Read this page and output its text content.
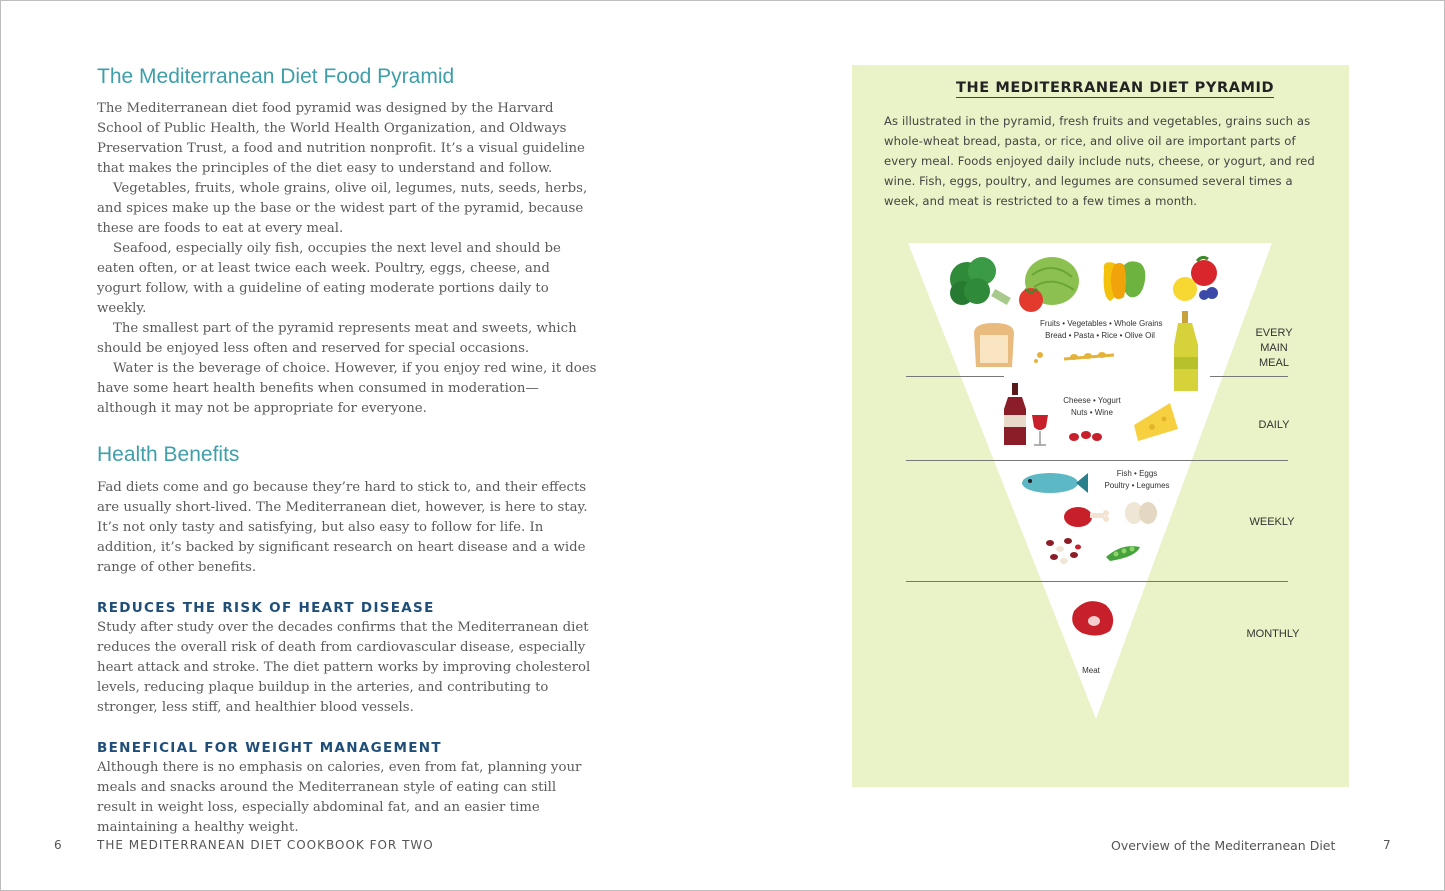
The Mediterranean Diet Food Pyramid

The Mediterranean diet food pyramid was designed by the Harvard School of Public Health, the World Health Organization, and Oldways Preservation Trust, a food and nutrition nonprofit. It’s a visual guideline that makes the principles of the diet easy to understand and follow.

Vegetables, fruits, whole grains, olive oil, legumes, nuts, seeds, herbs, and spices make up the base or the widest part of the pyramid, because these are foods to eat at every meal.

Seafood, especially oily fish, occupies the next level and should be eaten often, or at least twice each week. Poultry, eggs, cheese, and yogurt follow, with a guideline of eating moderate portions daily to weekly.

The smallest part of the pyramid represents meat and sweets, which should be enjoyed less often and reserved for special occasions.

Water is the beverage of choice. However, if you enjoy red wine, it does have some heart health benefits when consumed in moderation—although it may not be appropriate for everyone.

Health Benefits

Fad diets come and go because they’re hard to stick to, and their effects are usually short-lived. The Mediterranean diet, however, is here to stay. It’s not only tasty and satisfying, but also easy to follow for life. In addition, it’s backed by significant research on heart disease and a wide range of other benefits.

REDUCES THE RISK OF HEART DISEASE

Study after study over the decades confirms that the Mediterranean diet reduces the overall risk of death from cardiovascular disease, especially heart attack and stroke. The diet pattern works by improving cholesterol levels, reducing plaque buildup in the arteries, and contributing to stronger, less stiff, and healthier blood vessels.

BENEFICIAL FOR WEIGHT MANAGEMENT

Although there is no emphasis on calories, even from fat, planning your meals and snacks around the Mediterranean style of eating can still result in weight loss, especially abdominal fat, and an easier time maintaining a healthy weight.

6	THE MEDITERRANEAN DIET COOKBOOK FOR TWO
THE MEDITERRANEAN DIET PYRAMID

As illustrated in the pyramid, fresh fruits and vegetables, grains such as whole-wheat bread, pasta, or rice, and olive oil are important parts of every meal. Foods enjoyed daily include nuts, cheese, or yogurt, and red wine. Fish, eggs, poultry, and legumes are consumed several times a week, and meat is restricted to a few times a month.

Fruits • Vegetables • Whole Grains
Bread • Pasta • Rice • Olive Oil
Cheese • Yogurt
Nuts • Wine
Fish • Eggs
Poultry • Legumes
Meat
EVERY
MAIN
MEAL
DAILY
WEEKLY
MONTHLY
Overview of the Mediterranean Diet	7
